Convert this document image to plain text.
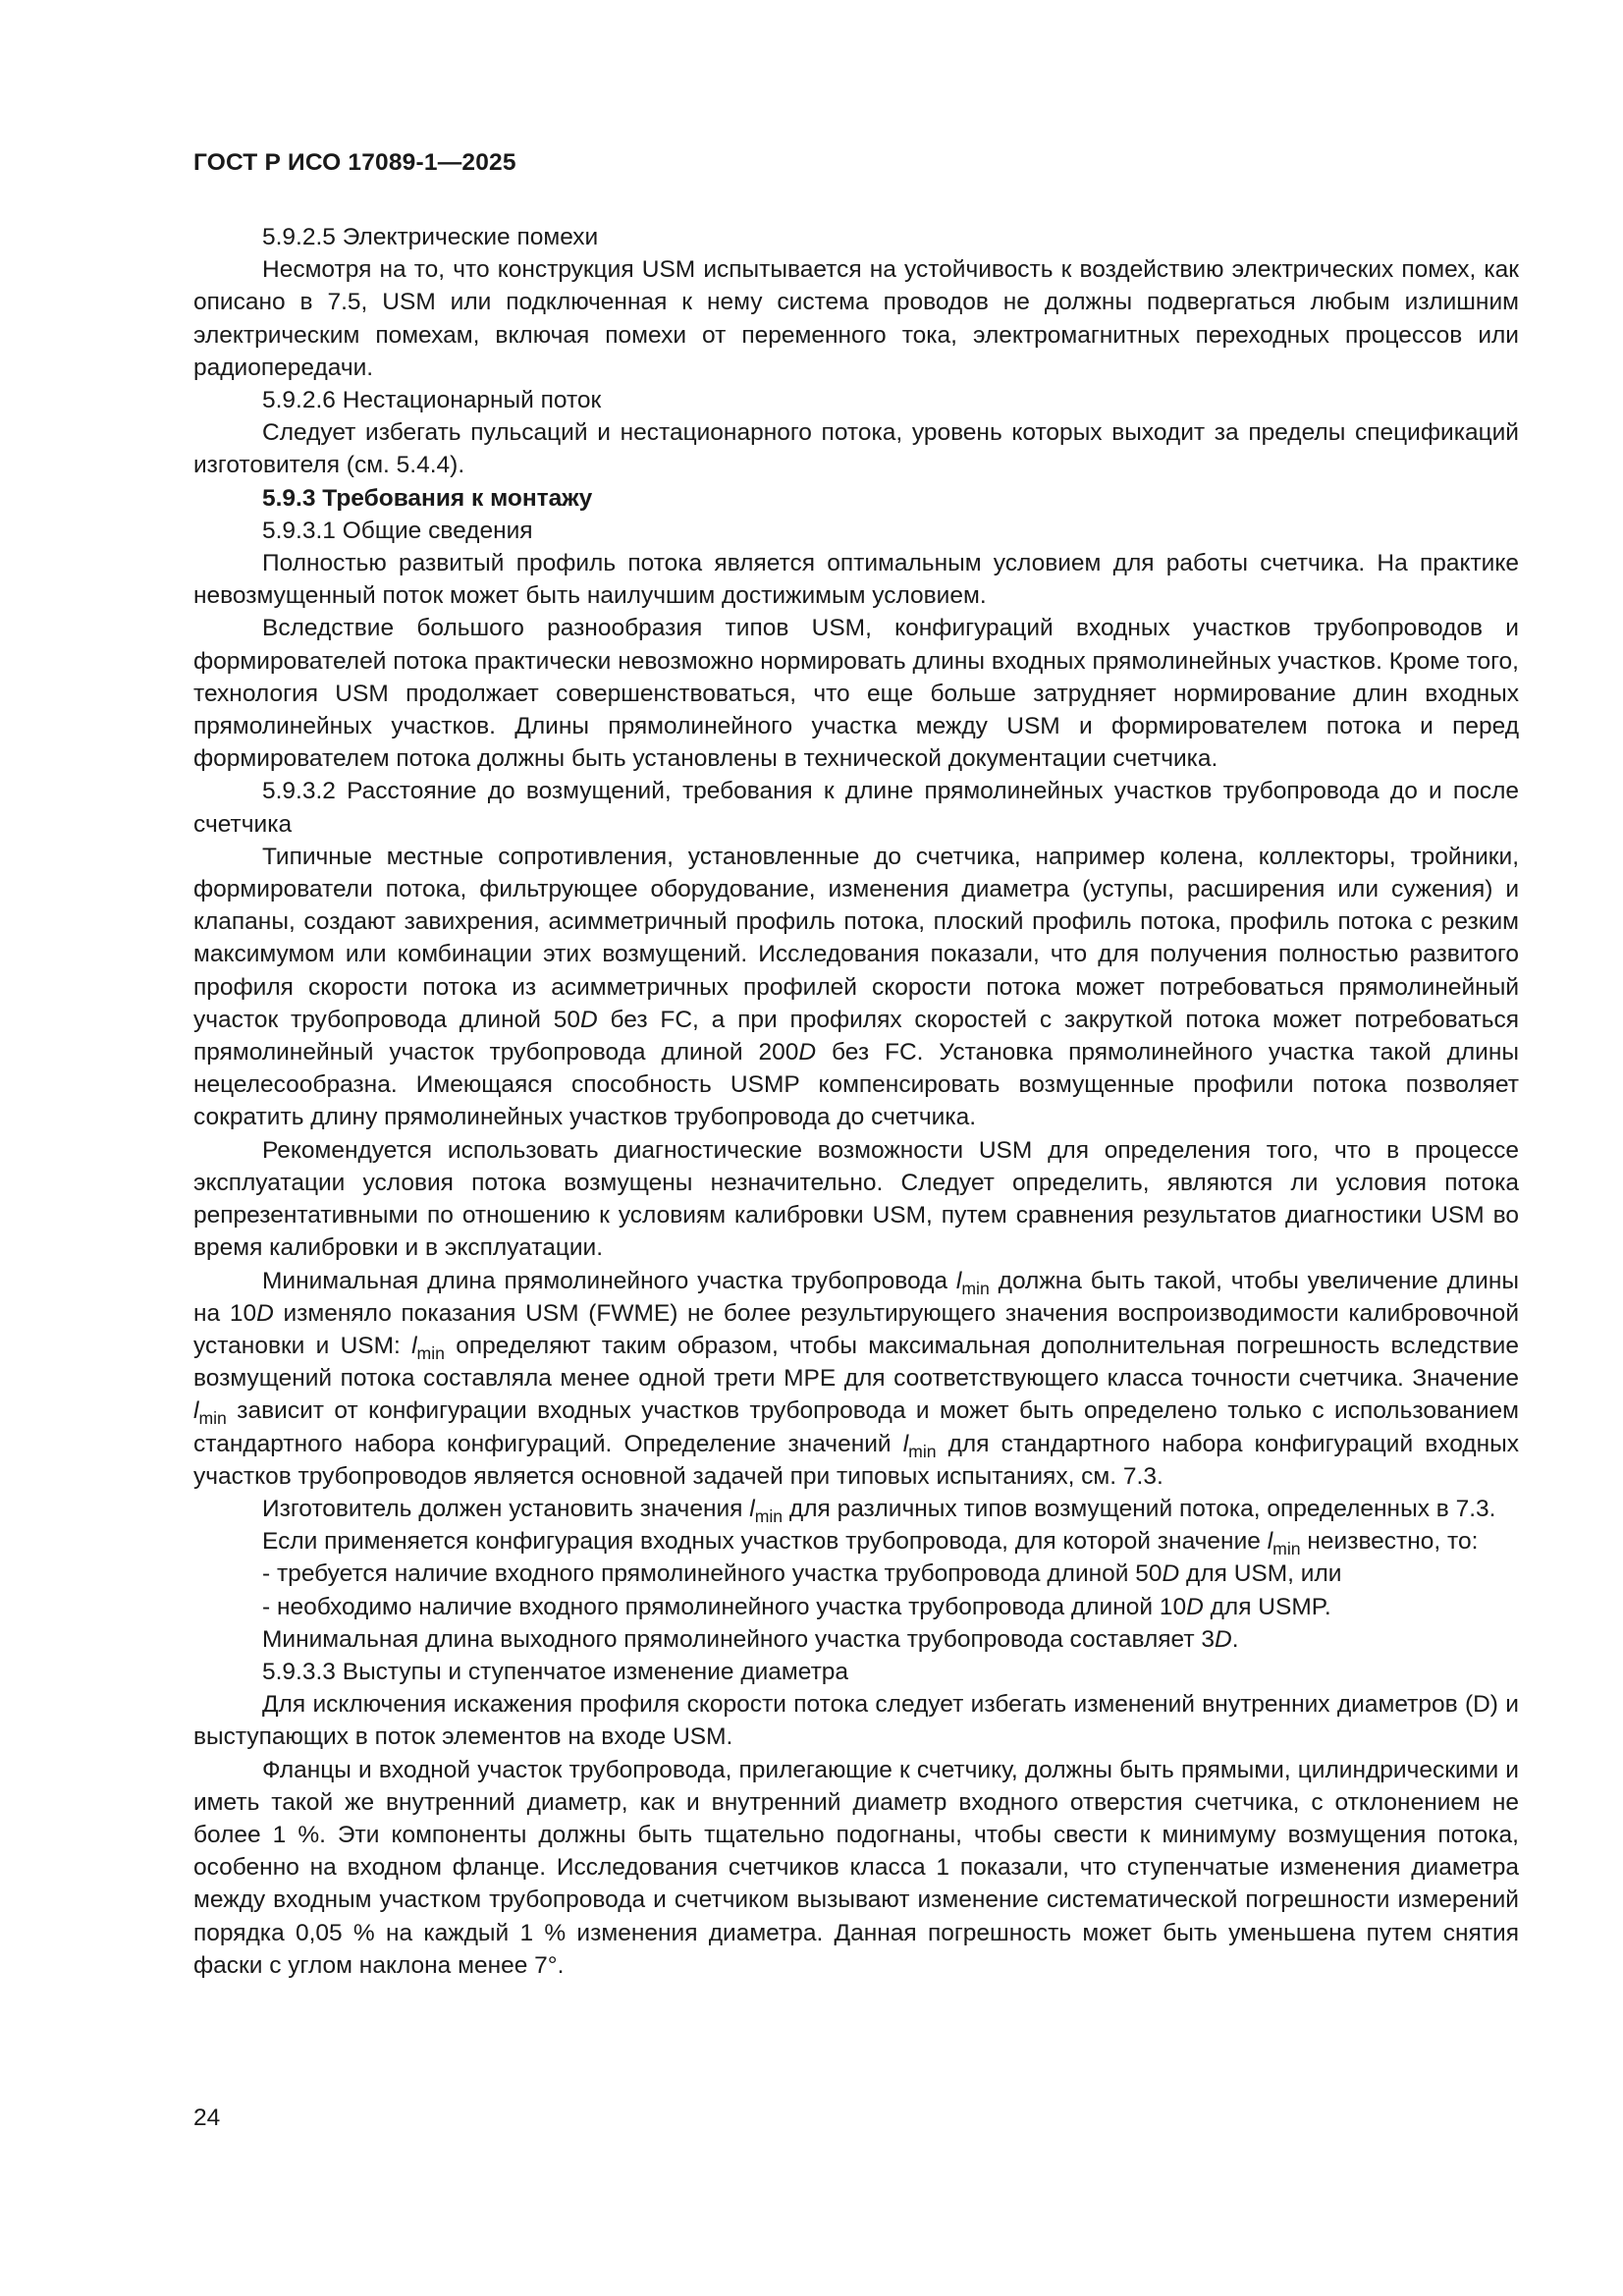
ГОСТ Р ИСО 17089-1—2025

5.9.2.5 Электрические помехи

Несмотря на то, что конструкция USM испытывается на устойчивость к воздействию электрических помех, как описано в 7.5, USM или подключенная к нему система проводов не должны подвергаться любым излишним электрическим помехам, включая помехи от переменного тока, электромагнитных переходных процессов или радиопередачи.

5.9.2.6 Нестационарный поток

Следует избегать пульсаций и нестационарного потока, уровень которых выходит за пределы спецификаций изготовителя (см. 5.4.4).

5.9.3 Требования к монтажу

5.9.3.1 Общие сведения

Полностью развитый профиль потока является оптимальным условием для работы счетчика. На практике невозмущенный поток может быть наилучшим достижимым условием.

Вследствие большого разнообразия типов USM, конфигураций входных участков трубопроводов и формирователей потока практически невозможно нормировать длины входных прямолинейных участков. Кроме того, технология USM продолжает совершенствоваться, что еще больше затрудняет нормирование длин входных прямолинейных участков. Длины прямолинейного участка между USM и формирователем потока и перед формирователем потока должны быть установлены в технической документации счетчика.

5.9.3.2 Расстояние до возмущений, требования к длине прямолинейных участков трубопровода до и после счетчика

Типичные местные сопротивления, установленные до счетчика, например колена, коллекторы, тройники, формирователи потока, фильтрующее оборудование, изменения диаметра (уступы, расширения или сужения) и клапаны, создают завихрения, асимметричный профиль потока, плоский профиль потока, профиль потока с резким максимумом или комбинации этих возмущений. Исследования показали, что для получения полностью развитого профиля скорости потока из асимметричных профилей скорости потока может потребоваться прямолинейный участок трубопровода длиной 50D без FC, а при профилях скоростей с закруткой потока может потребоваться прямолинейный участок трубопровода длиной 200D без FC. Установка прямолинейного участка такой длины нецелесообразна. Имеющаяся способность USMP компенсировать возмущенные профили потока позволяет сократить длину прямолинейных участков трубопровода до счетчика.

Рекомендуется использовать диагностические возможности USM для определения того, что в процессе эксплуатации условия потока возмущены незначительно. Следует определить, являются ли условия потока репрезентативными по отношению к условиям калибровки USM, путем сравнения результатов диагностики USM во время калибровки и в эксплуатации.

Минимальная длина прямолинейного участка трубопровода $l_{min}$ должна быть такой, чтобы увеличение длины на 10D изменяло показания USM (FWME) не более результирующего значения воспроизводимости калибровочной установки и USM: $l_{min}$ определяют таким образом, чтобы максимальная дополнительная погрешность вследствие возмущений потока составляла менее одной трети MPE для соответствующего класса точности счетчика. Значение $l_{min}$ зависит от конфигурации входных участков трубопровода и может быть определено только с использованием стандартного набора конфигураций. Определение значений $l_{min}$ для стандартного набора конфигураций входных участков трубопроводов является основной задачей при типовых испытаниях, см. 7.3.

Изготовитель должен установить значения $l_{min}$ для различных типов возмущений потока, определенных в 7.3.

Если применяется конфигурация входных участков трубопровода, для которой значение $l_{min}$ неизвестно, то:

- требуется наличие входного прямолинейного участка трубопровода длиной 50D для USM, или

- необходимо наличие входного прямолинейного участка трубопровода длиной 10D для USMP.

Минимальная длина выходного прямолинейного участка трубопровода составляет 3D.

5.9.3.3 Выступы и ступенчатое изменение диаметра

Для исключения искажения профиля скорости потока следует избегать изменений внутренних диаметров (D) и выступающих в поток элементов на входе USM.

Фланцы и входной участок трубопровода, прилегающие к счетчику, должны быть прямыми, цилиндрическими и иметь такой же внутренний диаметр, как и внутренний диаметр входного отверстия счетчика, с отклонением не более 1 %. Эти компоненты должны быть тщательно подогнаны, чтобы свести к минимуму возмущения потока, особенно на входном фланце. Исследования счетчиков класса 1 показали, что ступенчатые изменения диаметра между входным участком трубопровода и счетчиком вызывают изменение систематической погрешности измерений порядка 0,05 % на каждый 1 % изменения диаметра. Данная погрешность может быть уменьшена путем снятия фаски с углом наклона менее 7°.

24
